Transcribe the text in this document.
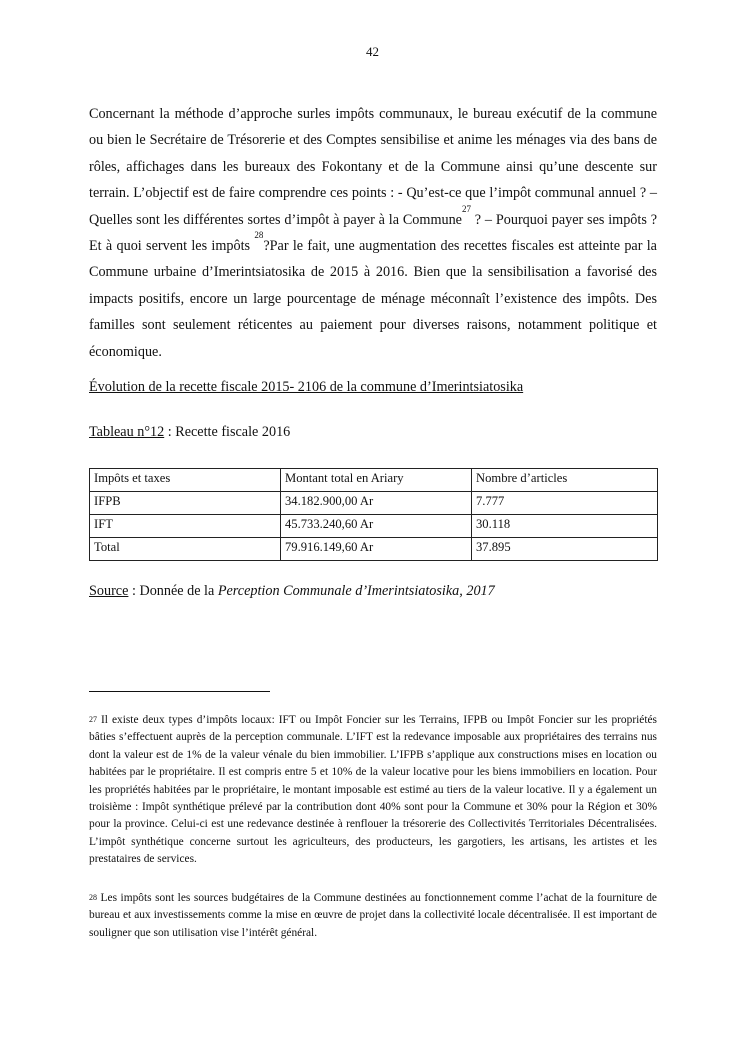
42

Concernant la méthode d’approche surles impôts communaux, le bureau exécutif de la commune ou bien le Secrétaire de Trésorerie et des Comptes sensibilise et anime les ménages via des bans de rôles, affichages dans les bureaux des Fokontany et de la Commune ainsi qu’une descente sur terrain. L’objectif est de faire comprendre ces points : - Qu’est-ce que l’impôt communal annuel ? –Quelles sont les différentes sortes d’impôt à payer à la Commune$^{27}$ ? – Pourquoi payer ses impôts ? Et à quoi servent les impôts $^{28}$?Par le fait, une augmentation des recettes fiscales est atteinte par la Commune urbaine d’Imerintsiatosika de 2015 à 2016. Bien que la sensibilisation a favorisé des impacts positifs, encore un large pourcentage de ménage méconnaît l’existence des impôts. Des familles sont seulement réticentes au paiement pour diverses raisons, notamment politique et économique.

Évolution de la recette fiscale 2015- 2106 de la commune d’Imerintsiatosika

Tableau n°12 : Recette fiscale 2016

Impôts et taxes	Montant total en Ariary	Nombre d’articles
IFPB	34.182.900,00 Ar	7.777
IFT	45.733.240,60 Ar	30.118
Total	79.916.149,60 Ar	37.895

Source : Donnée de la Perception Communale d’Imerintsiatosika, 2017

$^{27}$ Il existe deux types d’impôts locaux: IFT ou Impôt Foncier sur les Terrains, IFPB ou Impôt Foncier sur les propriétés bâties s’effectuent auprès de la perception communale. L’IFT est la redevance imposable aux propriétaires des terrains nus dont la valeur est de 1% de la valeur vénale du bien immobilier. L’IFPB s’applique aux constructions mises en location ou habitées par le propriétaire. Il est compris entre 5 et 10% de la valeur locative pour les biens immobiliers en location. Pour les propriétés habitées par le propriétaire, le montant imposable est estimé au tiers de la valeur locative. Il y a également un troisième : Impôt synthétique prélevé par la contribution dont 40% sont pour la Commune et 30% pour la Région et 30% pour la province. Celui-ci est une redevance destinée à renflouer la trésorerie des Collectivités Territoriales Décentralisées. L’impôt synthétique concerne surtout les agriculteurs, des producteurs, les gargotiers, les artisans, les artistes et les prestataires de services.

$^{28}$ Les impôts sont les sources budgétaires de la Commune destinées au fonctionnement comme l’achat de la fourniture de bureau et aux investissements comme la mise en œuvre de projet dans la collectivité locale décentralisée. Il est important de souligner que son utilisation vise l’intérêt général.
